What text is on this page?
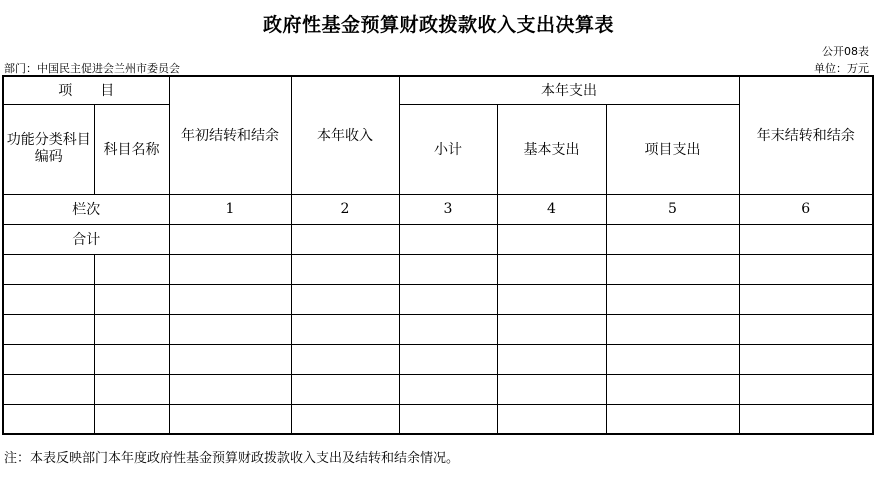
政府性基金预算财政拨款收入支出决算表
公开08表
部门：中国民主促进会兰州市委员会	单位：万元
项　　目		年初结转和结余	本年收入	本年支出			年末结转和结余
功能分类科目编码	科目名称			小计	基本支出	项目支出	
栏次		1	2	3	4	5	6
合计							

注：本表反映部门本年度政府性基金预算财政拨款收入支出及结转和结余情况。
